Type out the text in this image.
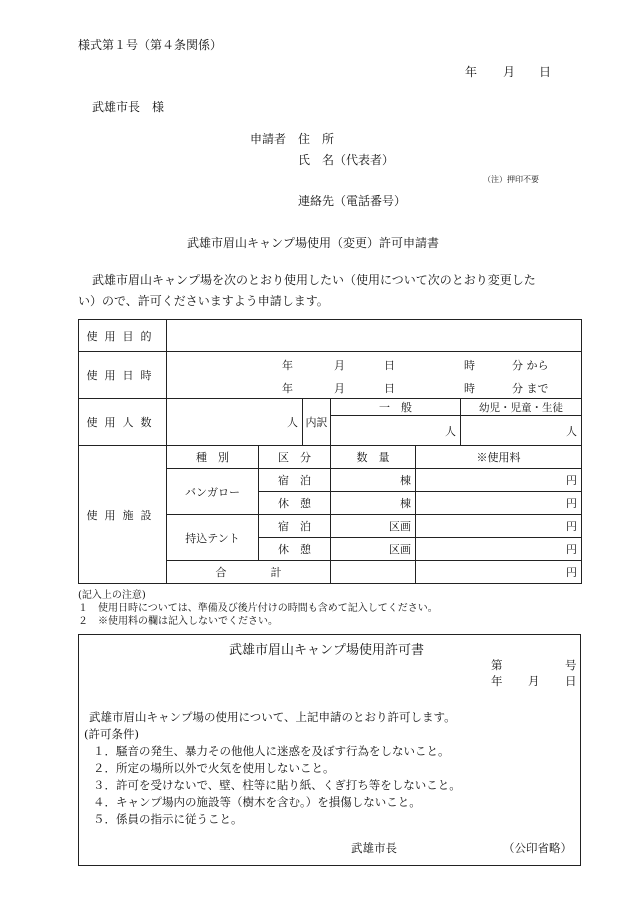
様式第１号（第４条関係）
年 月 日
武雄市長　様
申請者 住　所
氏　名（代表者）
（注）押印不要
連絡先（電話番号）
武雄市眉山キャンプ場使用（変更）許可申請書
武雄市眉山キャンプ場を次のとおり使用したい（使用について次のとおり変更した
い）ので、許可くださいますよう申請します。
使用目的						
使用日時	年 月 日 時 分 から					

	年 月 日 時 分 まで					

使用人数	人		内訳	一　般		幼児・児童・生徒
				人		人
使用施設	種　別	区　分		数　量	※使用料	
	バンガロー	宿　泊		棟	円	
		休　憩		棟	円	
	持込テント	宿　泊		区画	円	
		休　憩		区画	円	
	合　　　　計				円	
(記入上の注意)
１　使用日時については、準備及び後片付けの時間も含めて記入してください。
２　※使用料の欄は記入しないでください。
武雄市眉山キャンプ場使用許可書
第	号
年 月 日
武雄市眉山キャンプ場の使用について、上記申請のとおり許可します。
(許可条件)
１．騒音の発生、暴力その他他人に迷惑を及ぼす行為をしないこと。
２．所定の場所以外で火気を使用しないこと。
３．許可を受けないで、壁、柱等に貼り紙、くぎ打ち等をしないこと。
４．キャンプ場内の施設等（樹木を含む。）を損傷しないこと。
５．係員の指示に従うこと。
武雄市長	（公印省略）
